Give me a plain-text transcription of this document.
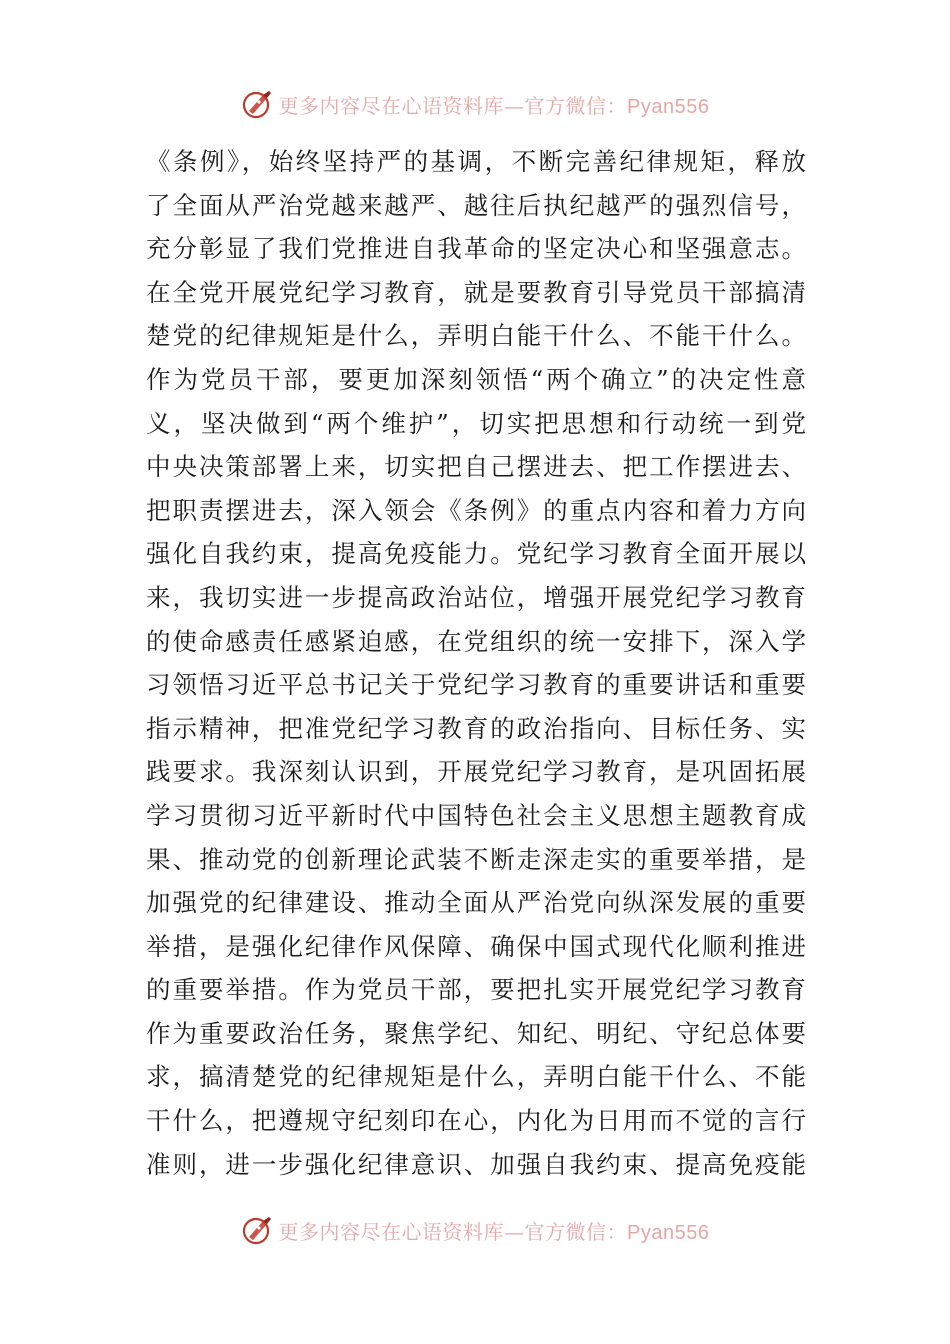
更多内容尽在心语资料库—官方微信：Pyan556
《条例》，始终坚持严的基调，不断完善纪律规矩，释放
了全面从严治党越来越严、越往后执纪越严的强烈信号，
充分彰显了我们党推进自我革命的坚定决心和坚强意志。
在全党开展党纪学习教育，就是要教育引导党员干部搞清
楚党的纪律规矩是什么，弄明白能干什么、不能干什么。
作为党员干部，要更加深刻领悟“两个确立”的决定性意
义，坚决做到“两个维护”，切实把思想和行动统一到党
中央决策部署上来，切实把自己摆进去、把工作摆进去、
把职责摆进去，深入领会《条例》的重点内容和着力方向
强化自我约束，提高免疫能力。党纪学习教育全面开展以
来，我切实进一步提高政治站位，增强开展党纪学习教育
的使命感责任感紧迫感，在党组织的统一安排下，深入学
习领悟习近平总书记关于党纪学习教育的重要讲话和重要
指示精神，把准党纪学习教育的政治指向、目标任务、实
践要求。我深刻认识到，开展党纪学习教育，是巩固拓展
学习贯彻习近平新时代中国特色社会主义思想主题教育成
果、推动党的创新理论武装不断走深走实的重要举措，是
加强党的纪律建设、推动全面从严治党向纵深发展的重要
举措，是强化纪律作风保障、确保中国式现代化顺利推进
的重要举措。作为党员干部，要把扎实开展党纪学习教育
作为重要政治任务，聚焦学纪、知纪、明纪、守纪总体要
求，搞清楚党的纪律规矩是什么，弄明白能干什么、不能
干什么，把遵规守纪刻印在心，内化为日用而不觉的言行
准则，进一步强化纪律意识、加强自我约束、提高免疫能
更多内容尽在心语资料库—官方微信：Pyan556
